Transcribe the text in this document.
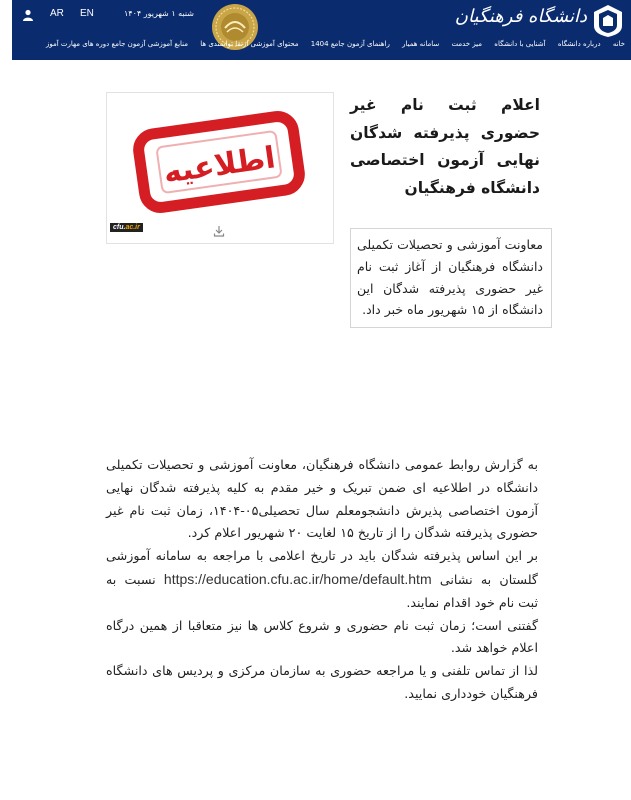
AR EN	شنبه ۱ شهریور ۱۴۰۴	دانشگاه فرهنگیان
خانه درباره دانشگاه آشنایی با دانشگاه میز خدمت سامانه همیار راهنمای آزمون جامع 1404 محتوای آموزشی ارتقا توانمندی ها منابع آموزشی آزمون جامع دوره های مهارت آموز
اطلاعیه
cfu.ac.ir
اعلام ثبت نام غیر حضوری پذیرفته شدگان نهایی آزمون اختصاصی دانشگاه فرهنگیان
معاونت آموزشی و تحصیلات تکمیلی دانشگاه فرهنگیان از آغاز ثبت نام غیر حضوری پذیرفته شدگان این دانشگاه از ۱۵ شهریور ماه خبر داد.

به گزارش روابط عمومی دانشگاه فرهنگیان، معاونت آموزشی و تحصیلات تکمیلی دانشگاه در اطلاعیه ای ضمن تبریک و خیر مقدم به کلیه پذیرفته شدگان نهایی آزمون اختصاصی پذیرش دانشجومعلم سال تحصیلی۰۵-۱۴۰۴، زمان ثبت نام غیر حضوری پذیرفته شدگان را از تاریخ ۱۵ لغایت ۲۰ شهریور اعلام کرد.

بر این اساس پذیرفته شدگان باید در تاریخ اعلامی با مراجعه به سامانه آموزشی گلستان به نشانی https://education.cfu.ac.ir/home/default.htm نسبت به ثبت نام خود اقدام نمایند.

گفتنی است؛ زمان ثبت نام حضوری و شروع کلاس ها نیز متعاقبا از همین درگاه اعلام خواهد شد.

لذا از تماس تلفنی و یا مراجعه حضوری به سازمان مرکزی و پردیس های دانشگاه فرهنگیان خودداری نمایید.
